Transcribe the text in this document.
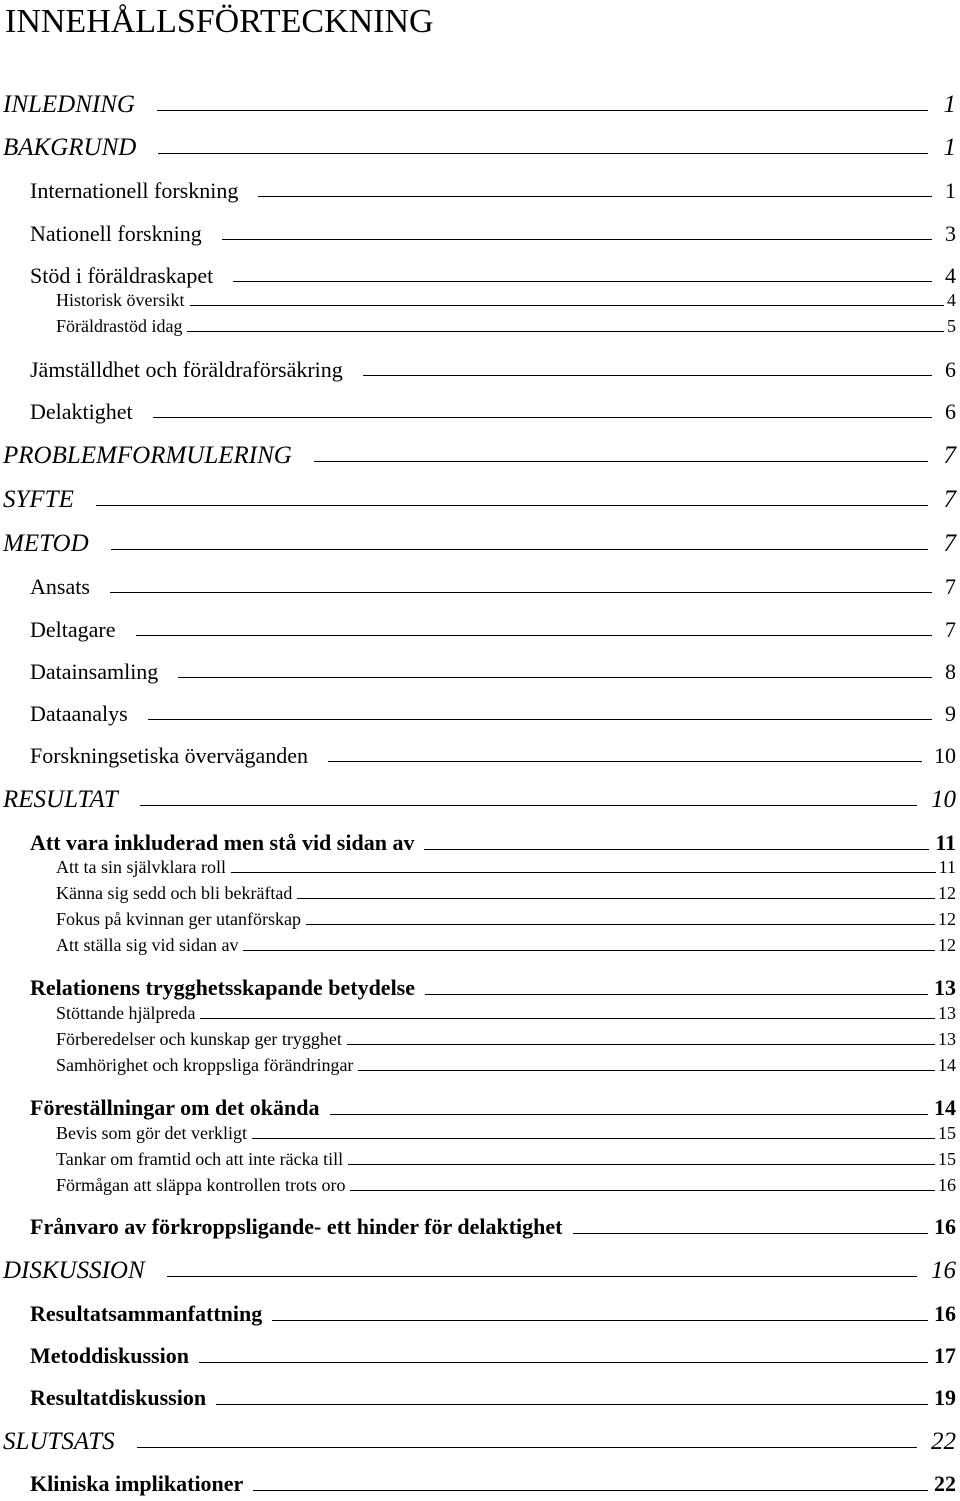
INNEHÅLLSFÖRTECKNING
INLEDNING	1
BAKGRUND	1
Internationell forskning	1
Nationell forskning	3
Stöd i föräldraskapet	4
Historisk översikt	4
Föräldrastöd idag	5
Jämställdhet och föräldraförsäkring	6
Delaktighet	6
PROBLEMFORMULERING	7
SYFTE	7
METOD	7
Ansats	7
Deltagare	7
Datainsamling	8
Dataanalys	9
Forskningsetiska överväganden	10
RESULTAT	10
Att vara inkluderad men stå vid sidan av	11
Att ta sin självklara roll	11
Känna sig sedd och bli bekräftad	12
Fokus på kvinnan ger utanförskap	12
Att ställa sig vid sidan av	12
Relationens trygghetsskapande betydelse	13
Stöttande hjälpreda	13
Förberedelser och kunskap ger trygghet	13
Samhörighet och kroppsliga förändringar	14
Föreställningar om det okända	14
Bevis som gör det verkligt	15
Tankar om framtid och att inte räcka till	15
Förmågan att släppa kontrollen trots oro	16
Frånvaro av förkroppsligande- ett hinder för delaktighet	16
DISKUSSION	16
Resultatsammanfattning	16
Metoddiskussion	17
Resultatdiskussion	19
SLUTSATS	22
Kliniska implikationer	22
